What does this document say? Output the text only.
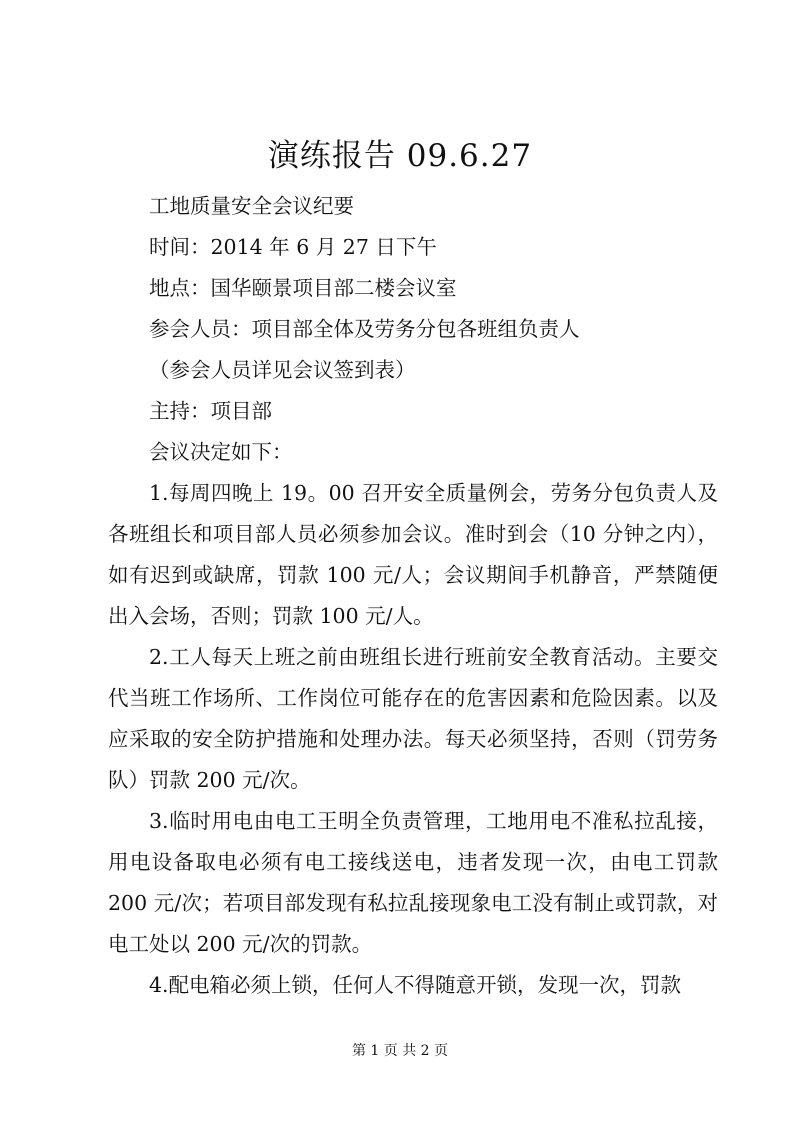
演练报告 09.6.27
工地质量安全会议纪要
时间：2014 年 6 月 27 日下午
地点：国华颐景项目部二楼会议室
参会人员：项目部全体及劳务分包各班组负责人
（参会人员详见会议签到表）
主持：项目部
会议决定如下：

1.每周四晚上 19。00 召开安全质量例会，劳务分包负责人及各班组长和项目部人员必须参加会议。准时到会（10 分钟之内），如有迟到或缺席，罚款 100 元/人；会议期间手机静音，严禁随便出入会场，否则；罚款 100 元/人。

2.工人每天上班之前由班组长进行班前安全教育活动。主要交代当班工作场所、工作岗位可能存在的危害因素和危险因素。以及应采取的安全防护措施和处理办法。每天必须坚持，否则（罚劳务队）罚款 200 元/次。

3.临时用电由电工王明全负责管理，工地用电不准私拉乱接，用电设备取电必须有电工接线送电，违者发现一次，由电工罚款 200 元/次；若项目部发现有私拉乱接现象电工没有制止或罚款，对电工处以 200 元/次的罚款。

4.配电箱必须上锁，任何人不得随意开锁，发现一次，罚款

第 1 页 共 2 页
